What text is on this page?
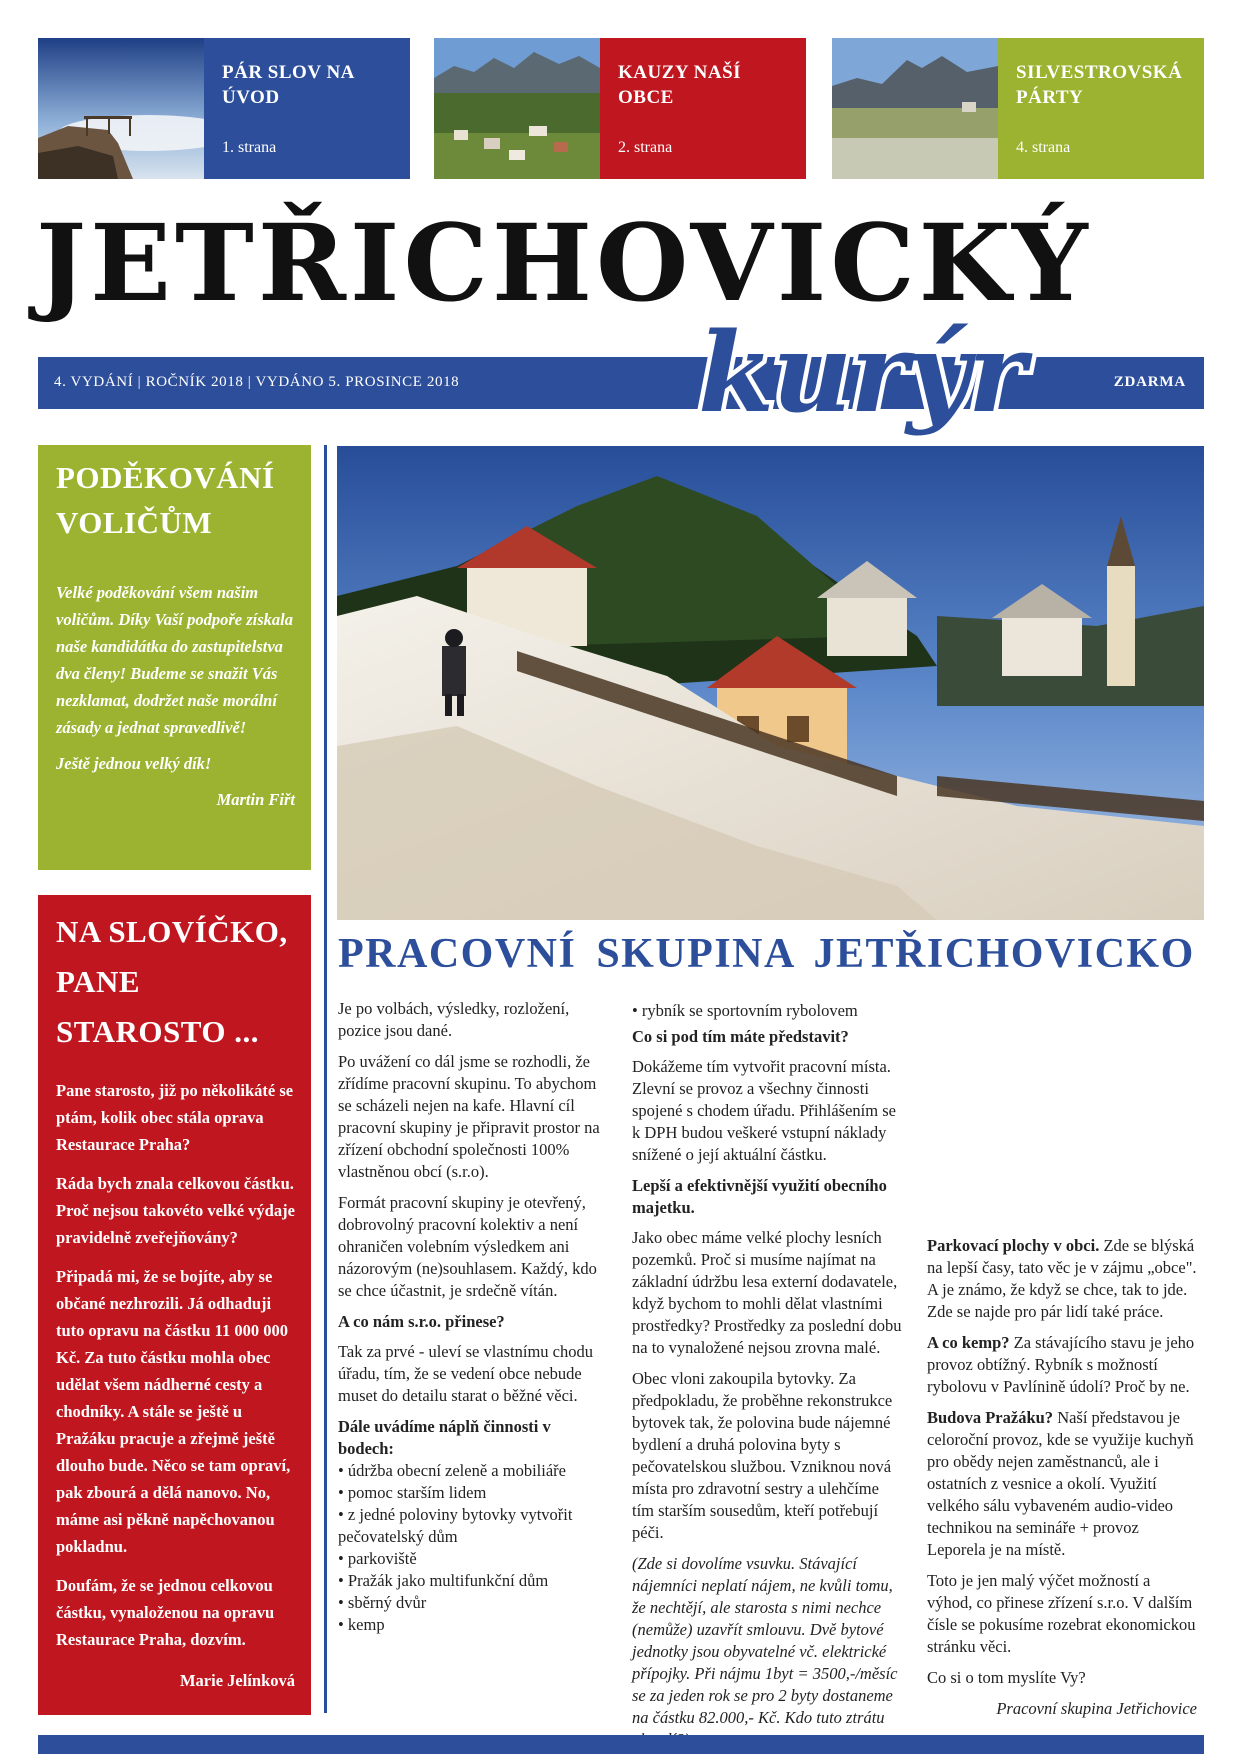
PÁR SLOV NA ÚVOD
1. strana
KAUZY NAŠÍ OBCE
2. strana
SILVESTROVSKÁ PÁRTY
4. strana
JETŘICHOVICKÝ
4. VYDÁNÍ | ROČNÍK 2018 | VYDÁNO 5. PROSINCE 2018	ZDARMA
kurýr
PODĚKOVÁNÍ VOLIČŮM

Velké poděkování všem našim voličům. Díky Vaší podpoře získala naše kandidátka do zastupitelstva dva členy! Budeme se snažit Vás nezklamat, dodržet naše morální zásady a jednat spravedlivě!

Ještě jednou velký dík!

Martin Fiřt

NA SLOVÍČKO, PANE STAROSTO ...

Pane starosto, již po několikáté se ptám, kolik obec stála oprava Restaurace Praha?

Ráda bych znala celkovou částku. Proč nejsou takovéto velké výdaje pravidelně zveřejňovány?

Připadá mi, že se bojíte, aby se občané nezhrozili. Já odhaduji tuto opravu na částku 11 000 000 Kč. Za tuto částku mohla obec udělat všem nádherné cesty a chodníky. A stále se ještě u Pražáku pracuje a zřejmě ještě dlouho bude. Něco se tam opraví, pak zbourá a dělá nanovo. No, máme asi pěkně napěchovanou pokladnu.

Doufám, že se jednou celkovou částku, vynaloženou na opravu Restaurace Praha, dozvím.

Marie Jelínková

PRACOVNÍ SKUPINA JETŘICHOVICKO

Je po volbách, výsledky, rozložení, pozice jsou dané.

Po uvážení co dál jsme se rozhodli, že zřídíme pracovní skupinu. To abychom se scházeli nejen na kafe. Hlavní cíl pracovní skupiny je připravit prostor na zřízení obchodní společnosti 100% vlastněnou obcí (s.r.o).

Formát pracovní skupiny je otevřený, dobrovolný pracovní kolektiv a není ohraničen volebním výsledkem ani názorovým (ne)souhlasem. Každý, kdo se chce účastnit, je srdečně vítán.

A co nám s.r.o. přinese?

Tak za prvé - uleví se vlastnímu chodu úřadu, tím, že se vedení obce nebude muset do detailu starat o běžné věci.

Dále uvádíme náplň činnosti v bodech:

• údržba obecní zeleně a mobiliáře
• pomoc starším lidem
• z jedné poloviny bytovky vytvořit pečovatelský dům
• parkoviště
• Pražák jako multifunkční dům
• sběrný dvůr
• kemp
• rybník se sportovním rybolovem

Co si pod tím máte představit?

Dokážeme tím vytvořit pracovní místa. Zlevní se provoz a všechny činnosti spojené s chodem úřadu. Přihlášením se k DPH budou veškeré vstupní náklady snížené o její aktuální částku.

Lepší a efektivnější využití obecního majetku.

Jako obec máme velké plochy lesních pozemků. Proč si musíme najímat na základní údržbu lesa externí dodavatele, když bychom to mohli dělat vlastními prostředky? Prostředky za poslední dobu na to vynaložené nejsou zrovna malé.

Obec vloni zakoupila bytovky. Za předpokladu, že proběhne rekonstrukce bytovek tak, že polovina bude nájemné bydlení a druhá polovina byty s pečovatelskou službou. Vzniknou nová místa pro zdravotní sestry a ulehčíme tím starším sousedům, kteří potřebují péči.

(Zde si dovolíme vsuvku. Stávající nájemníci neplatí nájem, ne kvůli tomu, že nechtějí, ale starosta s nimi nechce (nemůže) uzavřít smlouvu. Dvě bytové jednotky jsou obyvatelné vč. elektrické přípojky. Při nájmu 1byt = 3500,-/měsíc se za jeden rok se pro 2 byty dostaneme na částku 82.000,- Kč. Kdo tuto ztrátu

Parkovací plochy v obci. Zde se blýská na lepší časy, tato věc je v zájmu „obce". A je známo, že když se chce, tak to jde. Zde se najde pro pár lidí také práce.

A co kemp? Za stávajícího stavu je jeho provoz obtížný. Rybník s možností rybolovu v Pavlínině údolí? Proč by ne.

Budova Pražáku? Naší představou je celoroční provoz, kde se využije kuchyň pro obědy nejen zaměstnanců, ale i ostatních z vesnice a okolí. Využití velkého sálu vybaveném audio-video technikou na semináře + provoz Leporela je na místě.

Toto je jen malý výčet možností a výhod, co přinese zřízení s.r.o. V dalším čísle se pokusíme rozebrat ekonomickou stránku věci.

Co si o tom myslíte Vy?

Pracovní skupina Jetřichovice
